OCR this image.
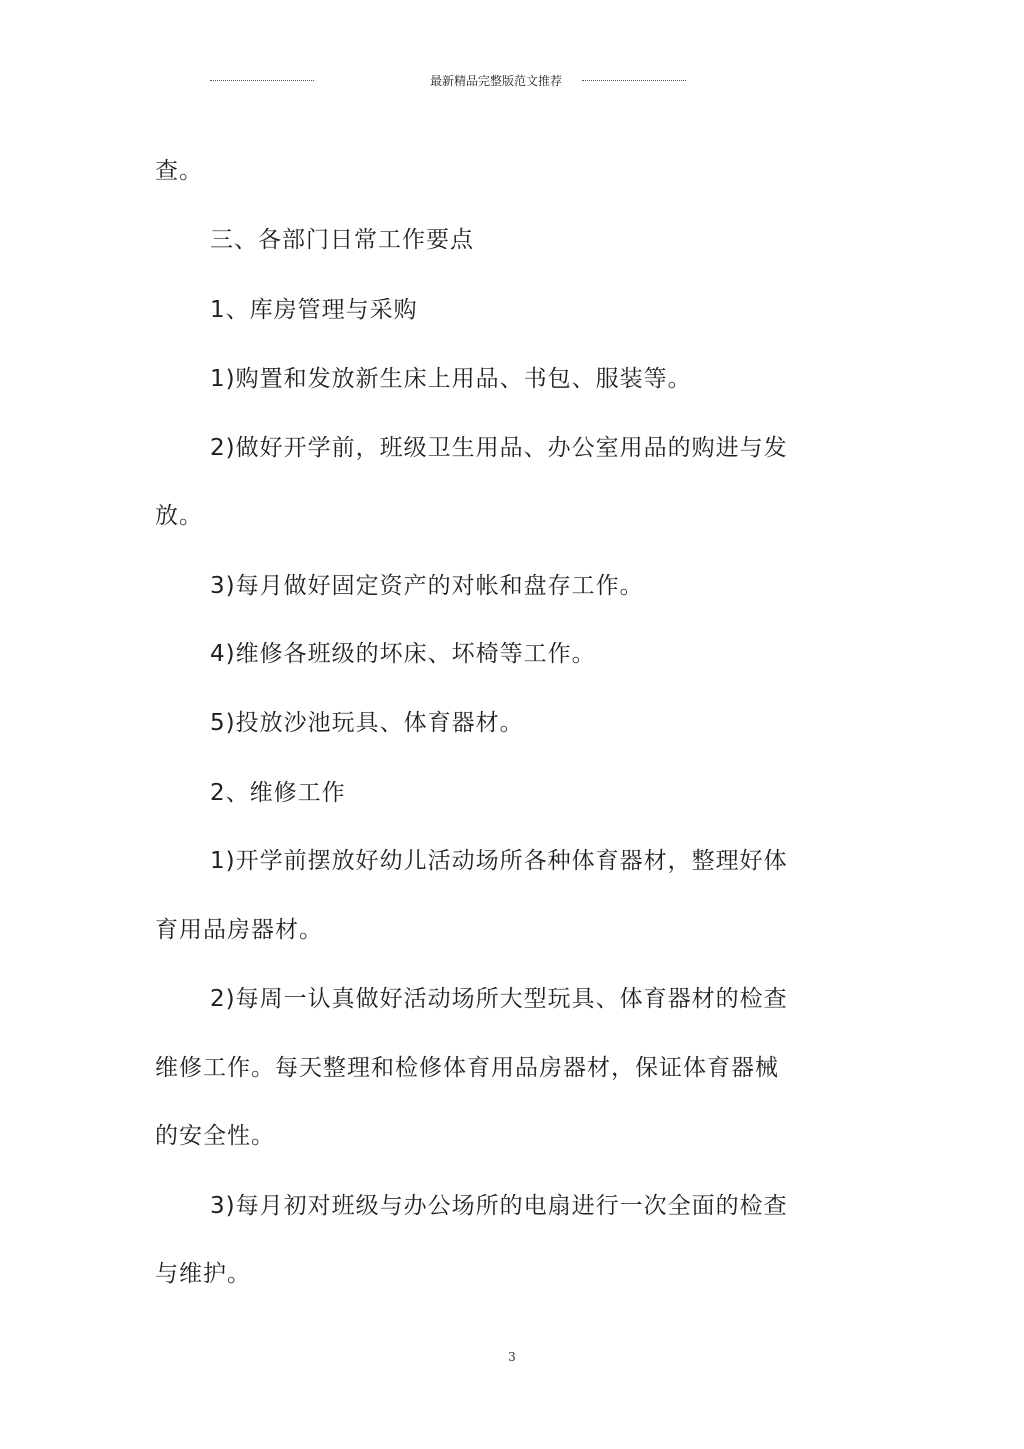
最新精品完整版范文推荐
查。
三、各部门日常工作要点
1、库房管理与采购
1)购置和发放新生床上用品、书包、服装等。
2)做好开学前，班级卫生用品、办公室用品的购进与发
放。
3)每月做好固定资产的对帐和盘存工作。
4)维修各班级的坏床、坏椅等工作。
5)投放沙池玩具、体育器材。
2、维修工作
1)开学前摆放好幼儿活动场所各种体育器材，整理好体
育用品房器材。
2)每周一认真做好活动场所大型玩具、体育器材的检查
维修工作。每天整理和检修体育用品房器材，保证体育器械
的安全性。
3)每月初对班级与办公场所的电扇进行一次全面的检查
与维护。
3
